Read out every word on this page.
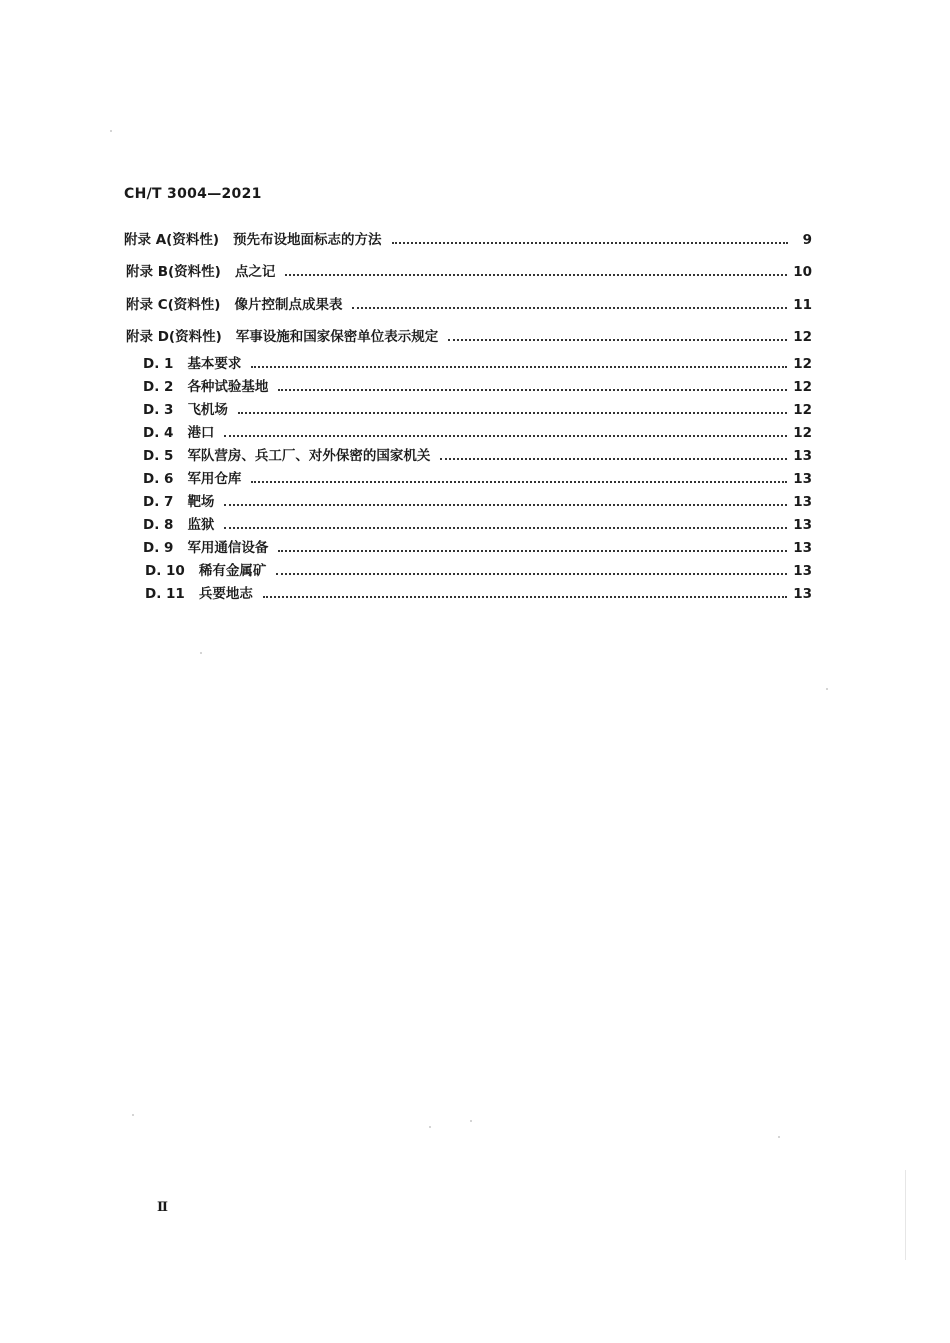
CH/T 3004—2021
附录 A(资料性) 预先布设地面标志的方法	9
附录 B(资料性) 点之记	10
附录 C(资料性) 像片控制点成果表	11
附录 D(资料性) 军事设施和国家保密单位表示规定	12
D. 1 基本要求	12
D. 2 各种试验基地	12
D. 3 飞机场	12
D. 4 港口	12
D. 5 军队营房、兵工厂、对外保密的国家机关	13
D. 6 军用仓库	13
D. 7 靶场	13
D. 8 监狱	13
D. 9 军用通信设备	13
D. 10 稀有金属矿	13
D. 11 兵要地志	13
Ⅱ
